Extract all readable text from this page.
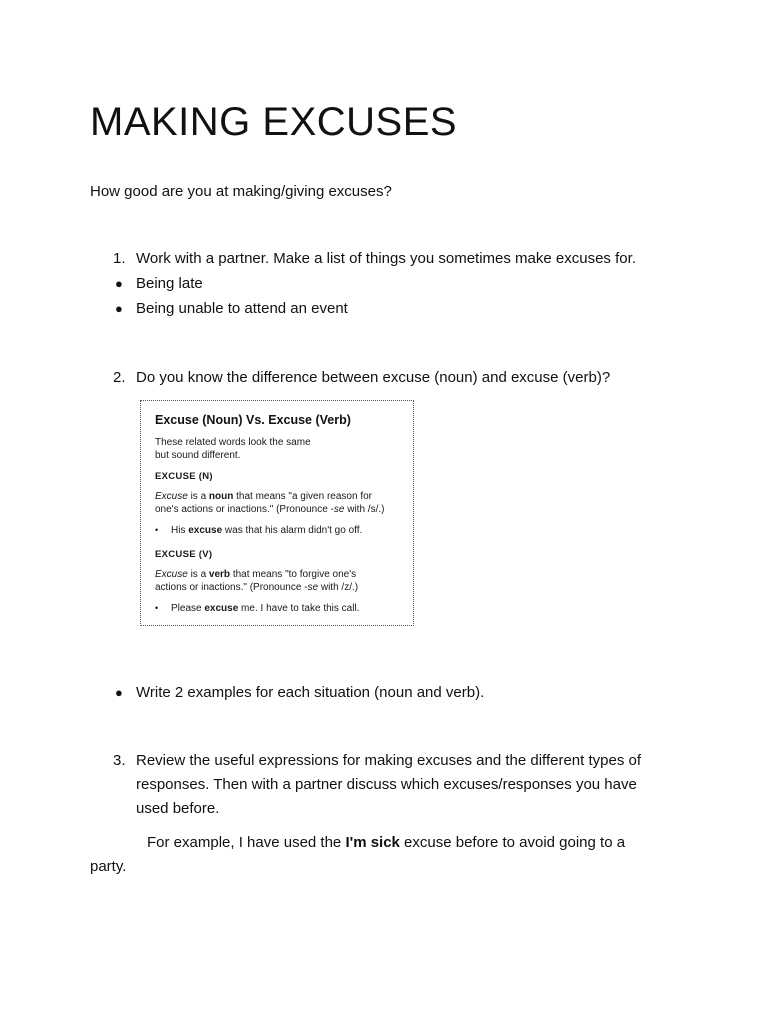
MAKING EXCUSES
How good are you at making/giving excuses?
1. Work with a partner. Make a list of things you sometimes make excuses for.
● Being late
● Being unable to attend an event
2. Do you know the difference between excuse (noun) and excuse (verb)?
Excuse (Noun) Vs. Excuse (Verb)
These related words look the same
but sound different.
EXCUSE (N)
Excuse is a noun that means "a given reason for
one's actions or inactions." (Pronounce -se with /s/.)
• His excuse was that his alarm didn't go off.
EXCUSE (V)
Excuse is a verb that means "to forgive one's
actions or inactions." (Pronounce -se with /z/.)
• Please excuse me. I have to take this call.
● Write 2 examples for each situation (noun and verb).
3. Review the useful expressions for making excuses and the different types of
responses. Then with a partner discuss which excuses/responses you have
used before.
For example, I have used the I'm sick excuse before to avoid going to a
party.
